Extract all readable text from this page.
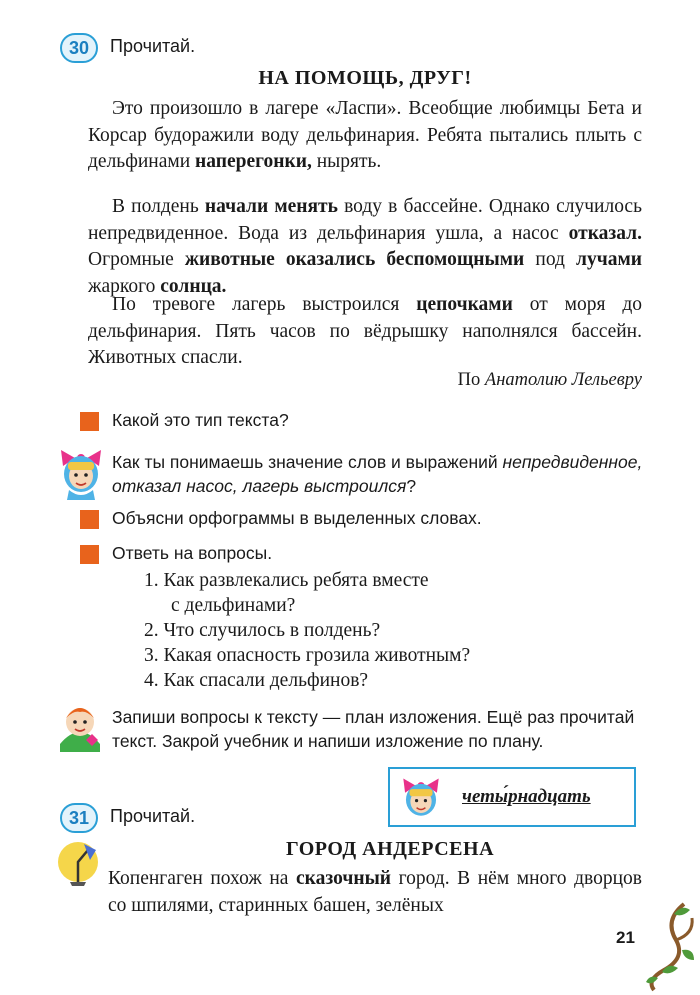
30 Прочитай.
НА ПОМОЩЬ, ДРУГ!
Это произошло в лагере «Ласпи». Всеобщие любимцы Бета и Корсар будоражили воду дельфинария. Ребята пытались плыть с дельфинами наперегонки, нырять.
В полдень начали менять воду в бассейне. Однако случилось непредвиденное. Вода из дельфинария ушла, а насос отказал. Огромные животные оказались беспомощными под лучами жаркого солнца.
По тревоге лагерь выстроился цепочками от моря до дельфинария. Пять часов по вёдрышку наполнялся бассейн. Животных спасли.
По Анатолию Лельевру
Какой это тип текста?
Как ты понимаешь значение слов и выражений непредвиденное, отказал насос, лагерь выстроился?
Объясни орфограммы в выделенных словах.
Ответь на вопросы.
1. Как развлекались ребята вместе
с дельфинами?
2. Что случилось в полдень?
3. Какая опасность грозила животным?
4. Как спасали дельфинов?
Запиши вопросы к тексту — план изложения. Ещё раз прочитай текст. Закрой учебник и напиши изложение по плану.
31 Прочитай.
четы́рнадцать
ГОРОД АНДЕРСЕНА
Копенгаген похож на сказочный город. В нём много дворцов со шпилями, старинных башен, зелёных
21
